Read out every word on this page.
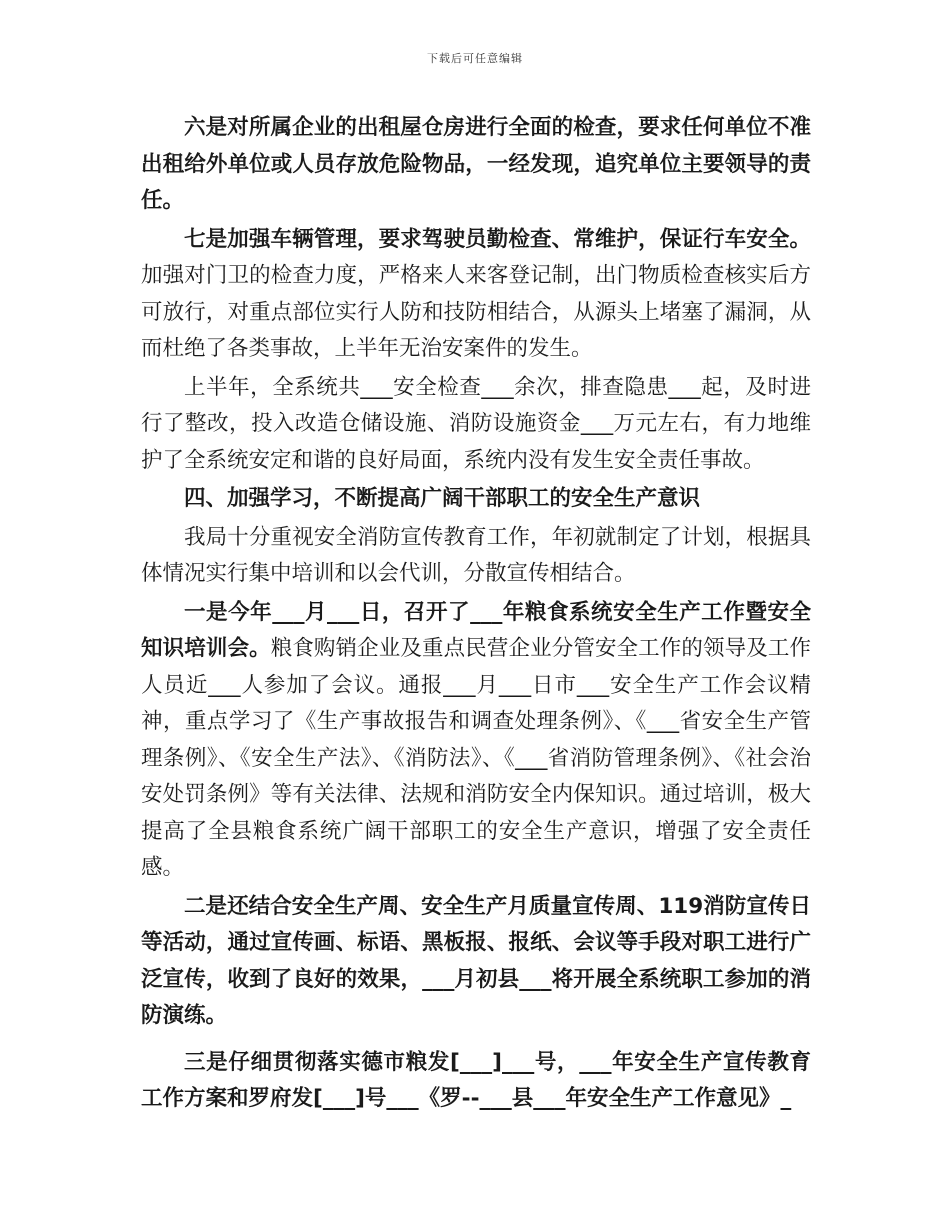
下载后可任意编辑

六是对所属企业的出租屋仓房进行全面的检查，要求任何单位不准出租给外单位或人员存放危险物品，一经发现，追究单位主要领导的责任。

七是加强车辆管理，要求驾驶员勤检查、常维护，保证行车安全。加强对门卫的检查力度，严格来人来客登记制，出门物质检查核实后方可放行，对重点部位实行人防和技防相结合，从源头上堵塞了漏洞，从而杜绝了各类事故，上半年无治安案件的发生。

上半年，全系统共___安全检查___余次，排查隐患___起，及时进行了整改，投入改造仓储设施、消防设施资金___万元左右，有力地维护了全系统安定和谐的良好局面，系统内没有发生安全责任事故。

四、加强学习，不断提高广阔干部职工的安全生产意识

我局十分重视安全消防宣传教育工作，年初就制定了计划，根据具体情况实行集中培训和以会代训，分散宣传相结合。

一是今年___月___日，召开了___年粮食系统安全生产工作暨安全知识培训会。粮食购销企业及重点民营企业分管安全工作的领导及工作人员近___人参加了会议。通报___月___日市___安全生产工作会议精神，重点学习了《生产事故报告和调查处理条例》、《___省安全生产管理条例》、《安全生产法》、《消防法》、《___省消防管理条例》、《社会治安处罚条例》等有关法律、法规和消防安全内保知识。通过培训，极大提高了全县粮食系统广阔干部职工的安全生产意识，增强了安全责任感。

二是还结合安全生产周、安全生产月质量宣传周、119消防宣传日等活动，通过宣传画、标语、黑板报、报纸、会议等手段对职工进行广泛宣传，收到了良好的效果，___月初县___将开展全系统职工参加的消防演练。

三是仔细贯彻落实德市粮发[___]___号，___年安全生产宣传教育工作方案和罗府发[___]号___《罗--___县___年安全生产工作意见》_
